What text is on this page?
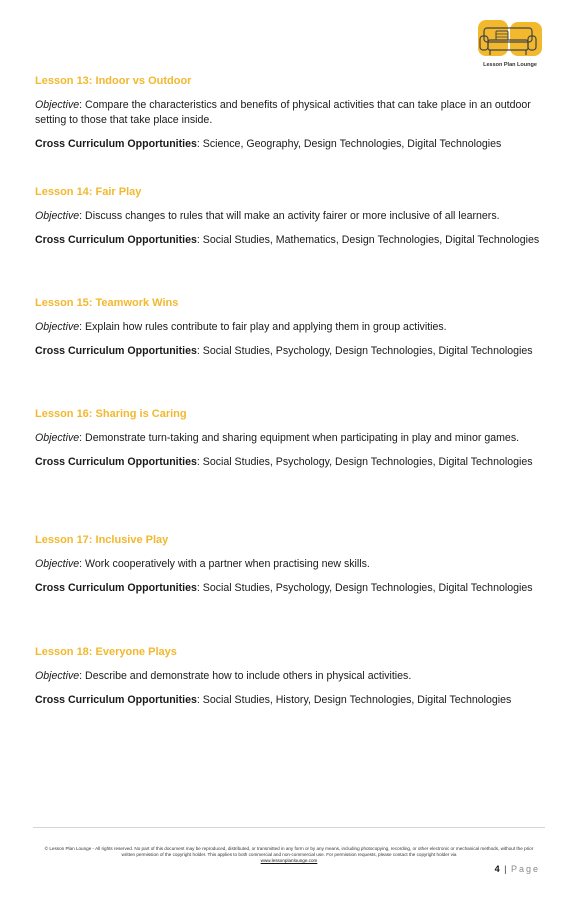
Lesson Plan Lounge
Lesson 13: Indoor vs Outdoor

Objective: Compare the characteristics and benefits of physical activities that can take place in an outdoor setting to those that take place inside.

Cross Curriculum Opportunities: Science, Geography, Design Technologies, Digital Technologies

Lesson 14: Fair Play

Objective: Discuss changes to rules that will make an activity fairer or more inclusive of all learners.

Cross Curriculum Opportunities: Social Studies, Mathematics, Design Technologies, Digital Technologies

Lesson 15: Teamwork Wins

Objective: Explain how rules contribute to fair play and applying them in group activities.

Cross Curriculum Opportunities: Social Studies, Psychology, Design Technologies, Digital Technologies

Lesson 16: Sharing is Caring

Objective: Demonstrate turn-taking and sharing equipment when participating in play and minor games.

Cross Curriculum Opportunities: Social Studies, Psychology, Design Technologies, Digital Technologies

Lesson 17: Inclusive Play

Objective: Work cooperatively with a partner when practising new skills.

Cross Curriculum Opportunities: Social Studies, Psychology, Design Technologies, Digital Technologies

Lesson 18: Everyone Plays

Objective: Describe and demonstrate how to include others in physical activities.

Cross Curriculum Opportunities: Social Studies, History, Design Technologies, Digital Technologies

© Lesson Plan Lounge - All rights reserved. No part of this document may be reproduced, distributed, or transmitted in any form or by any means, including photocopying, recording, or other electronic or mechanical methods, without the prior written permission of the copyright holder. This applies to both commercial and non-commercial use. For permission requests, please contact the copyright holder via
www.lessonplanlounge.com
4 | Page
